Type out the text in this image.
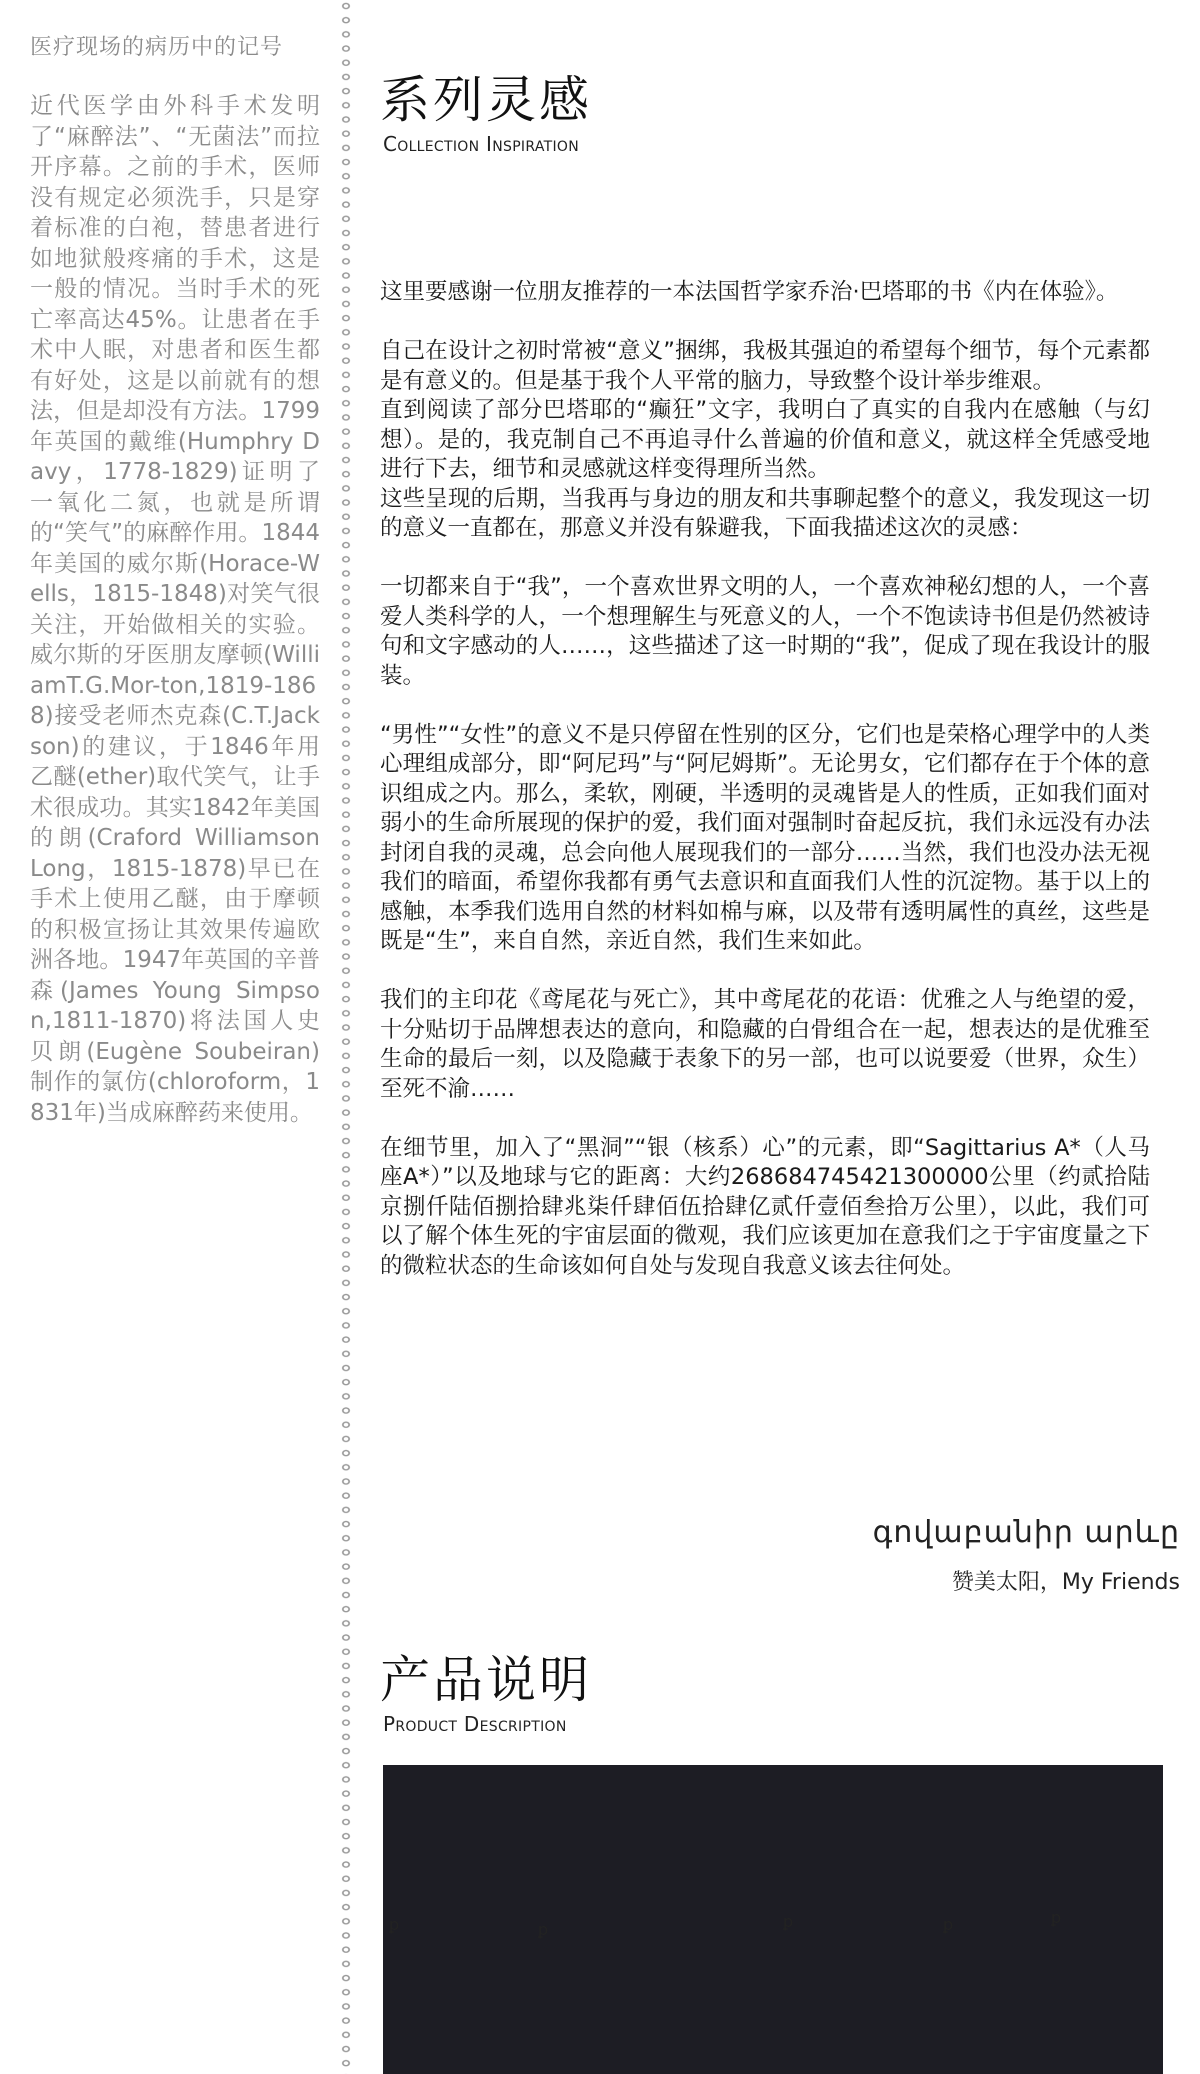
医疗现场的病历中的记号

近代医学由外科手术发明了“麻醉法”、“无菌法”而拉开序幕。之前的手术，医师没有规定必须洗手，只是穿着标准的白袍，替患者进行如地狱般疼痛的手术，这是一般的情况。当时手术的死亡率高达45%。让患者在手术中人眠，对患者和医生都有好处，这是以前就有的想法，但是却没有方法。1799年英国的戴维(Humphry Davy，1778-1829)证明了一氧化二氮，也就是所谓的“笑气”的麻醉作用。1844年美国的威尔斯(Horace-Wells，1815-1848)对笑气很关注，开始做相关的实验。威尔斯的牙医朋友摩顿(WilliamT.G.Mor-ton,1819-1868)接受老师杰克森(C.T.Jackson)的建议，于1846年用乙醚(ether)取代笑气，让手术很成功。其实1842年美国的朗(Craford Williamson Long，1815-1878)早已在手术上使用乙醚，由于摩顿的积极宣扬让其效果传遍欧洲各地。1947年英国的辛普森(James Young Simpson,1811-1870)将法国人史贝朗(Eugène Soubeiran)制作的氯仿(chloroform，1831年)当成麻醉药来使用。

系列灵感
Collection Inspiration

这里要感谢一位朋友推荐的一本法国哲学家乔治·巴塔耶的书《内在体验》。

自己在设计之初时常被“意义”捆绑，我极其强迫的希望每个细节，每个元素都是有意义的。但是基于我个人平常的脑力，导致整个设计举步维艰。

直到阅读了部分巴塔耶的“癫狂”文字，我明白了真实的自我内在感触（与幻想）。是的，我克制自己不再追寻什么普遍的价值和意义，就这样全凭感受地进行下去，细节和灵感就这样变得理所当然。

这些呈现的后期，当我再与身边的朋友和共事聊起整个的意义，我发现这一切的意义一直都在，那意义并没有躲避我，下面我描述这次的灵感：

一切都来自于“我”，一个喜欢世界文明的人，一个喜欢神秘幻想的人，一个喜爱人类科学的人，一个想理解生与死意义的人，一个不饱读诗书但是仍然被诗句和文字感动的人……，这些描述了这一时期的“我”，促成了现在我设计的服装。

“男性”“女性”的意义不是只停留在性别的区分，它们也是荣格心理学中的人类心理组成部分，即“阿尼玛”与“阿尼姆斯”。无论男女，它们都存在于个体的意识组成之内。那么，柔软，刚硬，半透明的灵魂皆是人的性质，正如我们面对弱小的生命所展现的保护的爱，我们面对强制时奋起反抗，我们永远没有办法封闭自我的灵魂，总会向他人展现我们的一部分……当然，我们也没办法无视我们的暗面，希望你我都有勇气去意识和直面我们人性的沉淀物。基于以上的感触，本季我们选用自然的材料如棉与麻，以及带有透明属性的真丝，这些是既是“生”，来自自然，亲近自然，我们生来如此。

我们的主印花《鸢尾花与死亡》，其中鸢尾花的花语：优雅之人与绝望的爱，十分贴切于品牌想表达的意向，和隐藏的白骨组合在一起，想表达的是优雅至生命的最后一刻，以及隐藏于表象下的另一部，也可以说要爱（世界，众生）至死不渝……

在细节里，加入了“黑洞”“银（核系）心”的元素，即“Sagittarius A*（人马座A*）”以及地球与它的距离：大约268684745421300000公里（约贰拾陆京捌仟陆佰捌拾肆兆柒仟肆佰伍拾肆亿贰仟壹佰叁拾万公里），以此，我们可以了解个体生死的宇宙层面的微观，我们应该更加在意我们之于宇宙度量之下的微粒状态的生命该如何自处与发现自我意义该去往何处。

գովաբանիր արևը
赞美太阳，My Friends
产品说明
Product Description
ꝑ	ꝑ	ꝑ	ꝑ	ꝑ
